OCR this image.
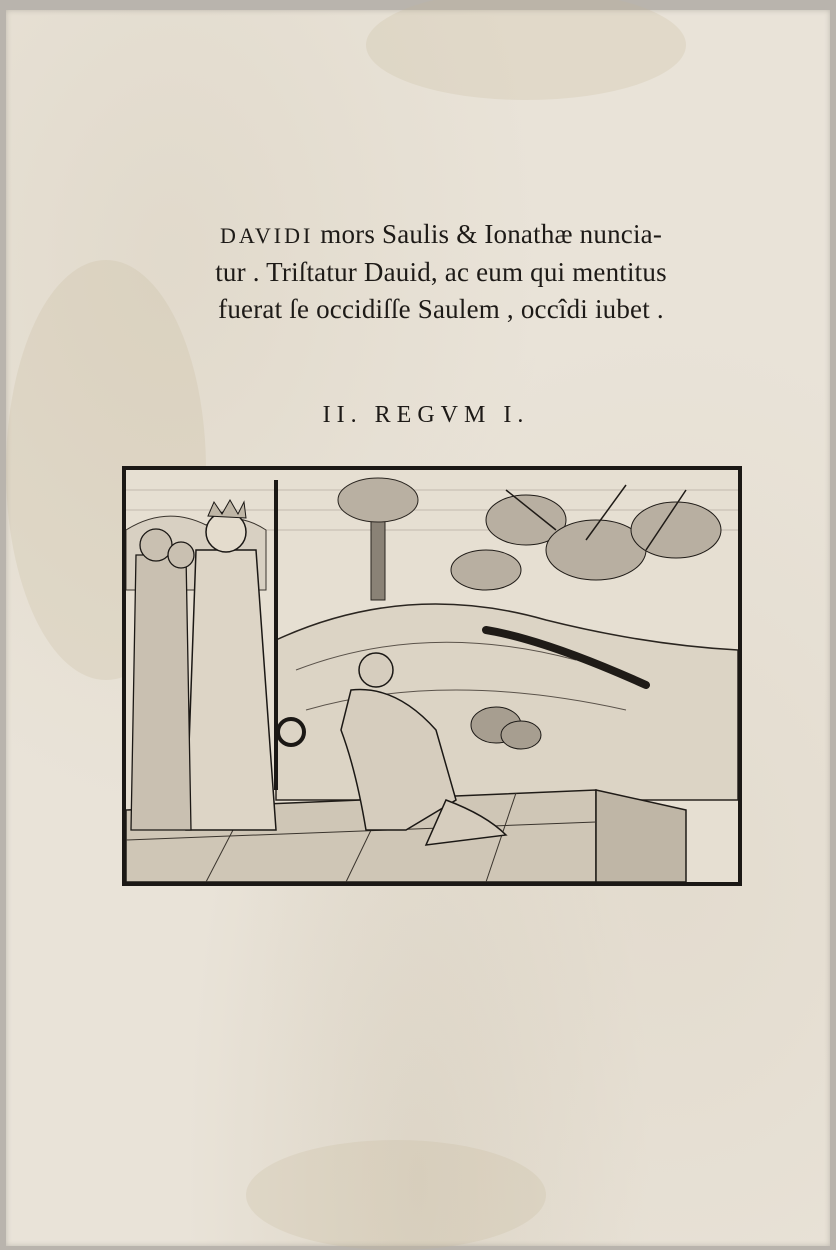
DAVIDI mors Saulis & Ionathæ nuncia-
tur . Triſtatur Dauid, ac eum qui mentitus
fuerat ſe occidiſſe Saulem , occîdi iubet .
II. REGVM I.
